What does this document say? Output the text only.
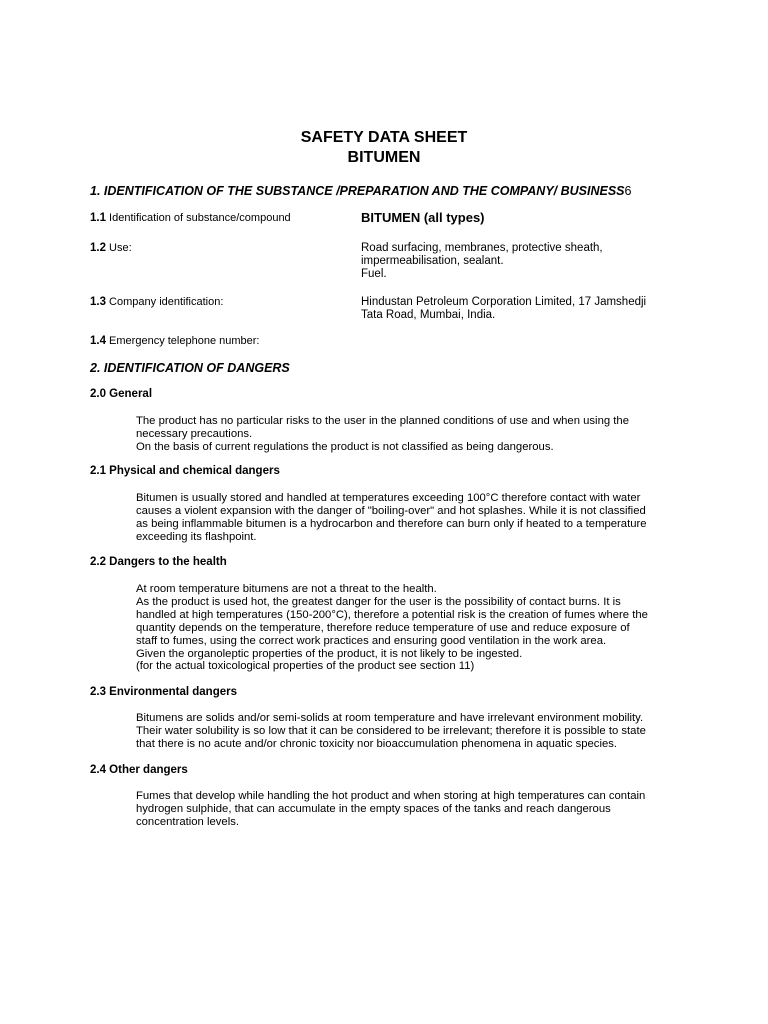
SAFETY DATA SHEET
BITUMEN
1. IDENTIFICATION OF THE SUBSTANCE /PREPARATION AND THE COMPANY/ BUSINESS6
1.1 Identification of substance/compound	BITUMEN (all types)
1.2 Use:	Road surfacing, membranes, protective sheath,
impermeabilisation, sealant.
Fuel.
1.3 Company identification:	Hindustan Petroleum Corporation Limited, 17 Jamshedji
Tata Road, Mumbai, India.
1.4 Emergency telephone number:
2. IDENTIFICATION OF DANGERS
2.0 General
The product has no particular risks to the user in the planned conditions of use and when using the
necessary precautions.
On the basis of current regulations the product is not classified as being dangerous.
2.1 Physical and chemical dangers
Bitumen is usually stored and handled at temperatures exceeding 100°C therefore contact with water
causes a violent expansion with the danger of "boiling-over" and hot splashes. While it is not classified
as being inflammable bitumen is a hydrocarbon and therefore can burn only if heated to a temperature
exceeding its flashpoint.
2.2 Dangers to the health
At room temperature bitumens are not a threat to the health.
As the product is used hot, the greatest danger for the user is the possibility of contact burns. It is
handled at high temperatures (150-200°C), therefore a potential risk is the creation of fumes where the
quantity depends on the temperature, therefore reduce temperature of use and reduce exposure of
staff to fumes, using the correct work practices and ensuring good ventilation in the work area.
Given the organoleptic properties of the product, it is not likely to be ingested.
(for the actual toxicological properties of the product see section 11)
2.3 Environmental dangers
Bitumens are solids and/or semi-solids at room temperature and have irrelevant environment mobility.
Their water solubility is so low that it can be considered to be irrelevant; therefore it is possible to state
that there is no acute and/or chronic toxicity nor bioaccumulation phenomena in aquatic species.
2.4 Other dangers
Fumes that develop while handling the hot product and when storing at high temperatures can contain
hydrogen sulphide, that can accumulate in the empty spaces of the tanks and reach dangerous
concentration levels.
